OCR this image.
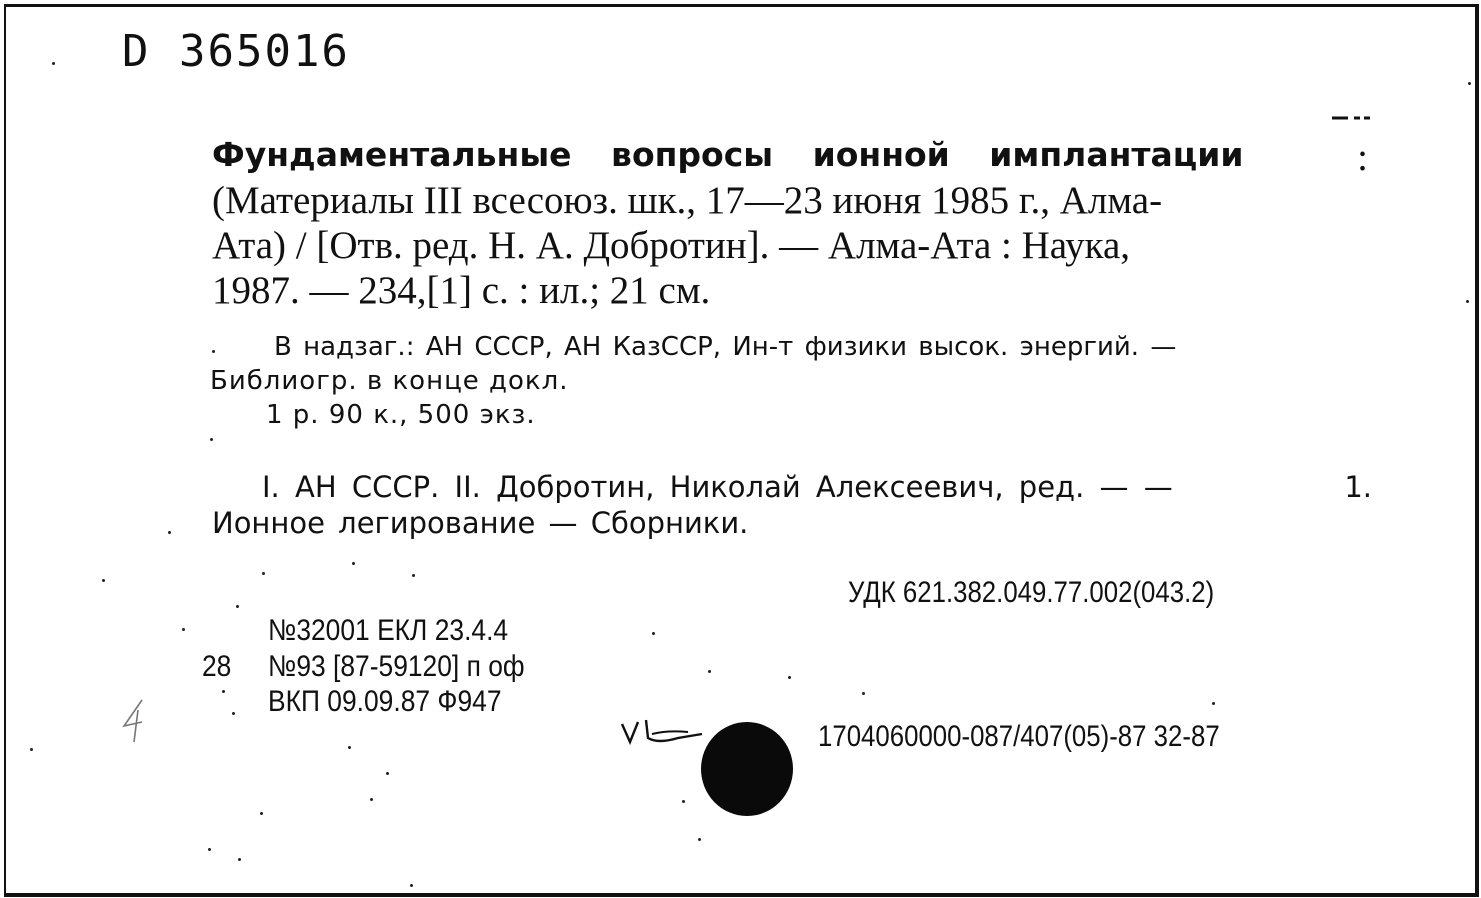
D 365016
Фундаментальные вопросы ионной имплантации	:
(Материалы III всесоюз. шк., 17—23 июня 1985 г., Алма-
Ата) / [Отв. ред. Н. А. Добротин]. — Алма-Ата : Наука,
1987. — 234,[1] с. : ил.; 21 см.
В надзаг.: АН СССР, АН КазССР, Ин-т физики высок. энергий. —
Библиогр. в конце докл.
1 р. 90 к., 500 экз.
I. АН СССР. II. Добротин, Николай Алексеевич, ред. — —	1.
Ионное легирование — Сборники.
УДК 621.382.049.77.002(043.2)
№32001 ЕКЛ 23.4.4
28 №93 [87-59120] п оф
ВКП 09.09.87 Ф947
1704060000-087/407(05)-87 32-87
